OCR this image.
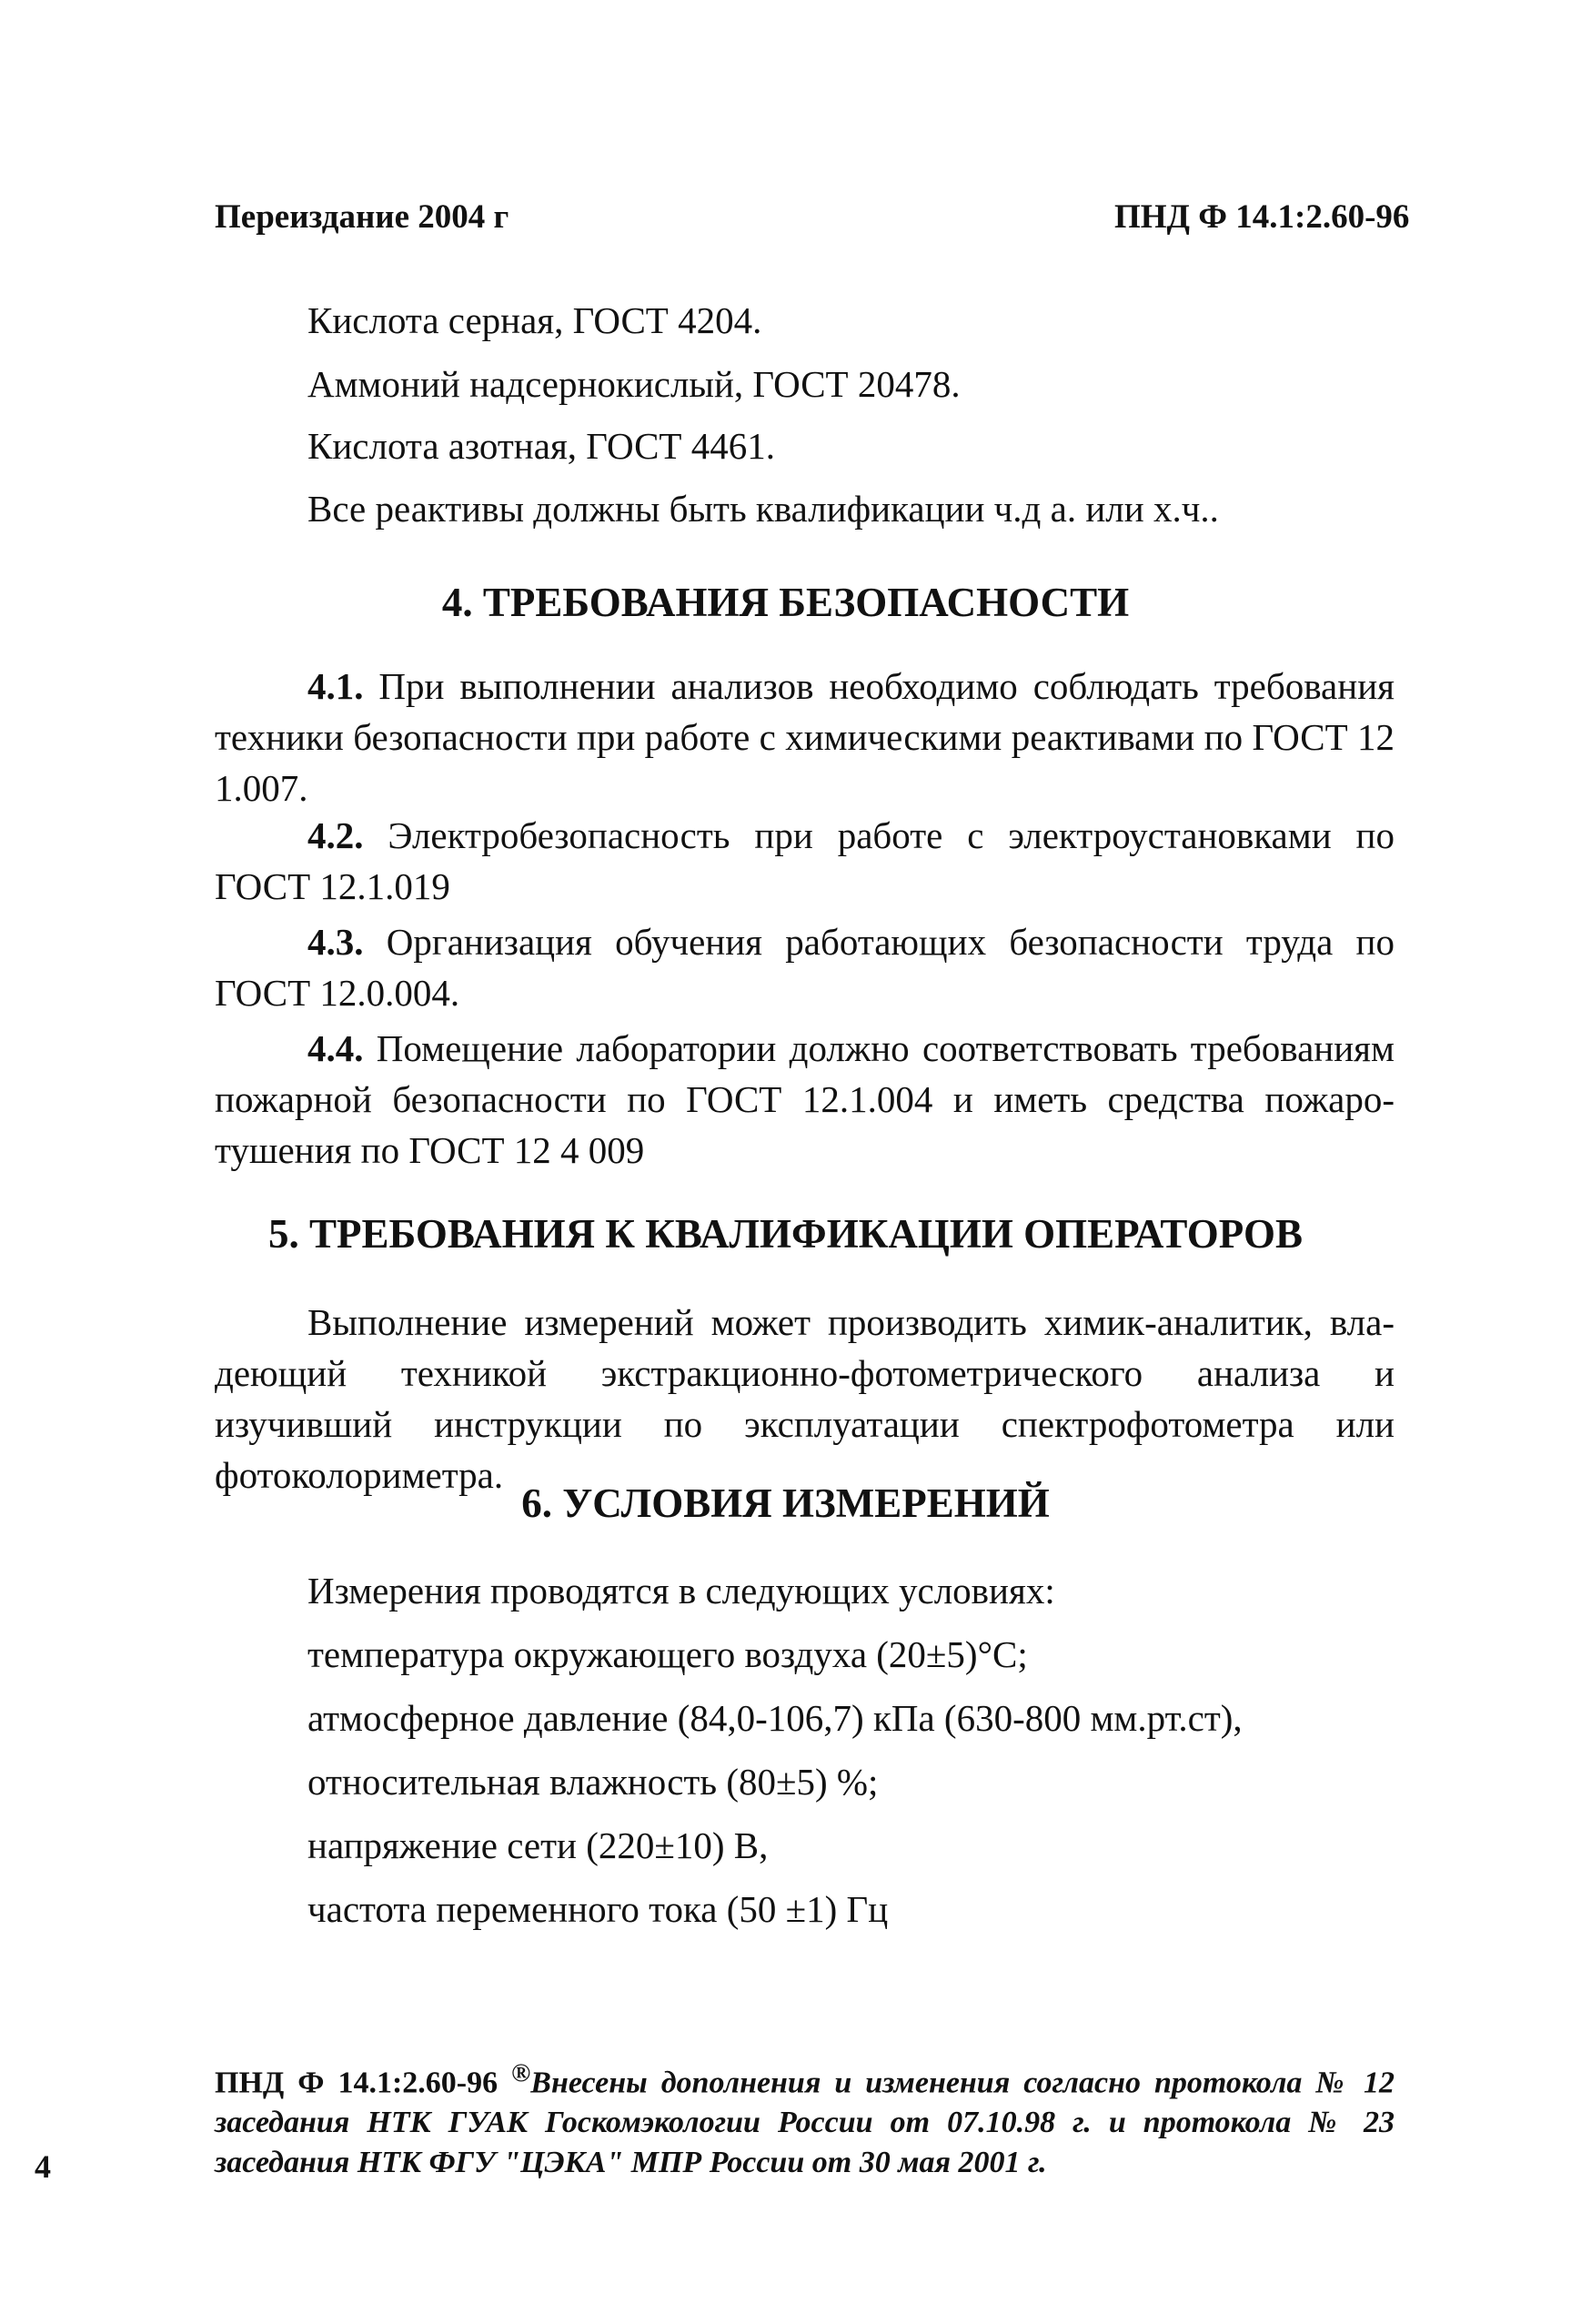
Переиздание 2004 г	ПНД Ф 14.1:2.60-96
Кислота серная, ГОСТ 4204.
Аммоний надсернокислый, ГОСТ 20478.
Кислота азотная, ГОСТ 4461.
Все реактивы должны быть квалификации ч.д а. или х.ч..
4. ТРЕБОВАНИЯ БЕЗОПАСНОСТИ
4.1. При выполнении анализов необходимо соблюдать требования техники безопасности при работе с химическими реактивами по ГОСТ 12 1.007.
4.2. Электробезопасность при работе с электроустановками по ГОСТ 12.1.019
4.3. Организация обучения работающих безопасности труда по ГОСТ 12.0.004.
4.4. Помещение лаборатории должно соответствовать требованиям пожарной безопасности по ГОСТ 12.1.004 и иметь средства пожаротушения по ГОСТ 12 4 009
5. ТРЕБОВАНИЯ К КВАЛИФИКАЦИИ ОПЕРАТОРОВ
Выполнение измерений может производить химик-аналитик, владеющий техникой экстракционно-фотометрического анализа и изучивший инструкции по эксплуатации спектрофотометра или фотоколориметра.
6. УСЛОВИЯ ИЗМЕРЕНИЙ
Измерения проводятся в следующих условиях:
температура окружающего воздуха (20±5)°С;
атмосферное давление (84,0-106,7) кПа (630-800 мм.рт.ст),
относительная влажность (80±5) %;
напряжение сети (220±10) В,
частота переменного тока (50 ±1) Гц
ПНД Ф 14.1:2.60-96 ®Внесены дополнения и изменения согласно протокола № 12 заседания НТК ГУАК Госкомэкологии России от 07.10.98 г. и протокола № 23 заседания НТК ФГУ "ЦЭКА" МПР России от 30 мая 2001 г.
4
